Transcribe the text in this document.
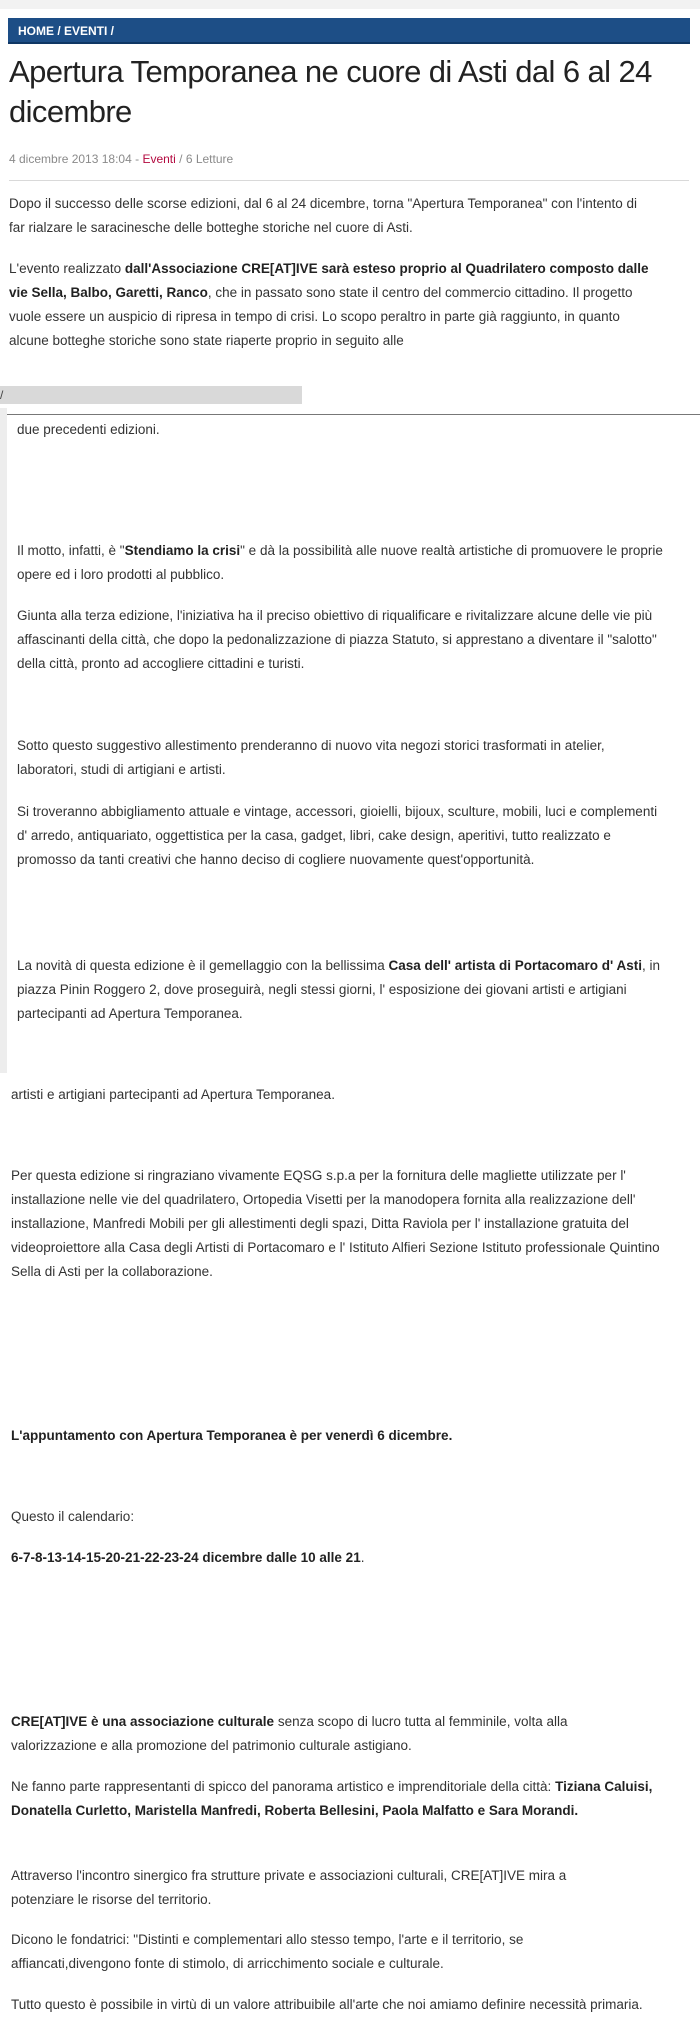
HOME / EVENTI /
Apertura Temporanea ne cuore di Asti dal 6 al 24 dicembre
4 dicembre 2013 18:04 - Eventi / 6 Letture

Dopo il successo delle scorse edizioni, dal 6 al 24 dicembre, torna "Apertura Temporanea" con l'intento di far rialzare le saracinesche delle botteghe storiche nel cuore di Asti.

L'evento realizzato dall'Associazione CRE[AT]IVE sarà esteso proprio al Quadrilatero composto dalle vie Sella, Balbo, Garetti, Ranco, che in passato sono state il centro del commercio cittadino. Il progetto vuole essere un auspicio di ripresa in tempo di crisi. Lo scopo peraltro in parte già raggiunto, in quanto alcune botteghe storiche sono state riaperte proprio in seguito alle

/

due precedenti edizioni.

Il motto, infatti, è "Stendiamo la crisi" e dà la possibilità alle nuove realtà artistiche di promuovere le proprie opere ed i loro prodotti al pubblico.

Giunta alla terza edizione, l'iniziativa ha il preciso obiettivo di riqualificare e rivitalizzare alcune delle vie più affascinanti della città, che dopo la pedonalizzazione di piazza Statuto, si apprestano a diventare il "salotto" della città, pronto ad accogliere cittadini e turisti.

Sotto questo suggestivo allestimento prenderanno di nuovo vita negozi storici trasformati in atelier, laboratori, studi di artigiani e artisti.

Si troveranno abbigliamento attuale e vintage, accessori, gioielli, bijoux, sculture, mobili, luci e complementi d' arredo, antiquariato, oggettistica per la casa, gadget, libri, cake design, aperitivi, tutto realizzato e promosso da tanti creativi che hanno deciso di cogliere nuovamente quest'opportunità.

La novità di questa edizione è il gemellaggio con la bellissima Casa dell' artista di Portacomaro d' Asti, in piazza Pinin Roggero 2, dove proseguirà, negli stessi giorni, l' esposizione dei giovani artisti e artigiani partecipanti ad Apertura Temporanea.

artisti e artigiani partecipanti ad Apertura Temporanea.

Per questa edizione si ringraziano vivamente EQSG s.p.a per la fornitura delle magliette utilizzate per l' installazione nelle vie del quadrilatero, Ortopedia Visetti per la manodopera fornita alla realizzazione dell' installazione, Manfredi Mobili per gli allestimenti degli spazi, Ditta Raviola per l' installazione gratuita del videoproiettore alla Casa degli Artisti di Portacomaro e l' Istituto Alfieri Sezione Istituto professionale Quintino Sella di Asti per la collaborazione.

L'appuntamento con Apertura Temporanea è per venerdì 6 dicembre.

Questo il calendario:

6-7-8-13-14-15-20-21-22-23-24 dicembre dalle 10 alle 21.

CRE[AT]IVE è una associazione culturale senza scopo di lucro tutta al femminile, volta alla valorizzazione e alla promozione del patrimonio culturale astigiano.

Ne fanno parte rappresentanti di spicco del panorama artistico e imprenditoriale della città: Tiziana Caluisi, Donatella Curletto, Maristella Manfredi, Roberta Bellesini, Paola Malfatto e Sara Morandi.

Attraverso l'incontro sinergico fra strutture private e associazioni culturali, CRE[AT]IVE mira a potenziare le risorse del territorio.

Dicono le fondatrici: "Distinti e complementari allo stesso tempo, l'arte e il territorio, se affiancati,divengono fonte di stimolo, di arricchimento sociale e culturale.

Tutto questo è possibile in virtù di un valore attribuibile all'arte che noi amiamo definire necessità primaria.
